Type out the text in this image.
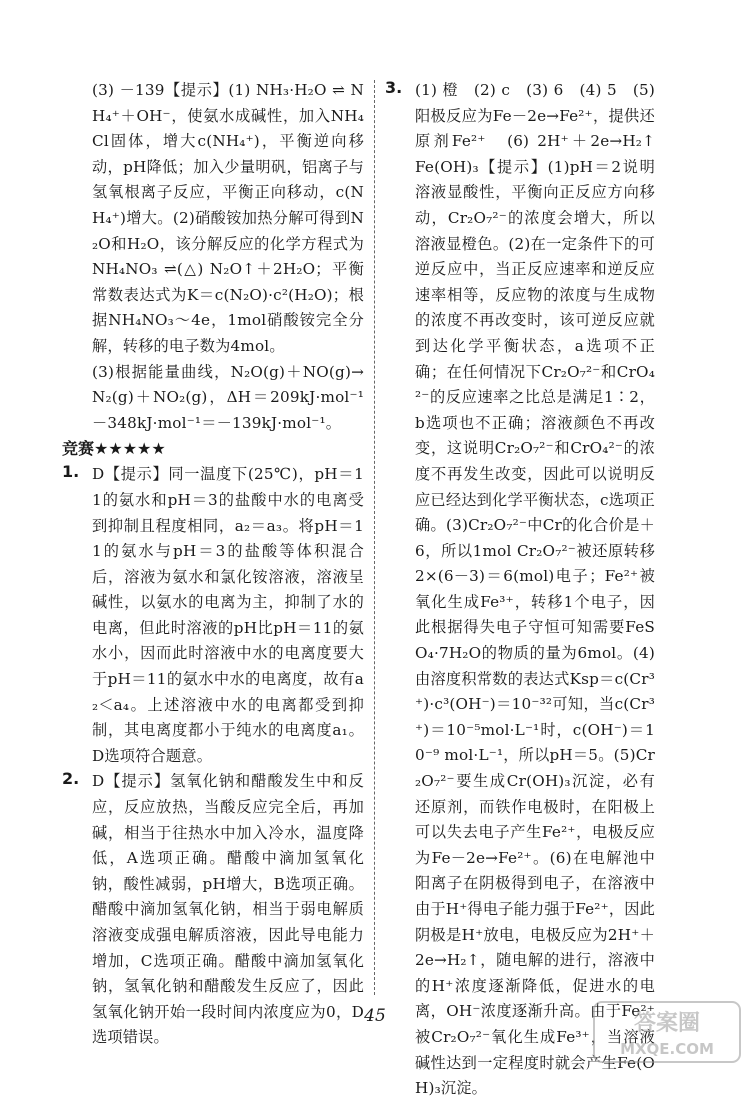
(3) －139【提示】(1) NH₃·H₂O ⇌ NH₄⁺＋OH⁻，使氨水成碱性，加入NH₄Cl固体，增大c(NH₄⁺)，平衡逆向移动，pH降低；加入少量明矾，铝离子与氢氧根离子反应，平衡正向移动，c(NH₄⁺)增大。(2)硝酸铵加热分解可得到N₂O和H₂O，该分解反应的化学方程式为NH₄NO₃ ⇌(△) N₂O↑＋2H₂O；平衡常数表达式为K＝c(N₂O)·c²(H₂O)；根据NH₄NO₃～4e，1mol硝酸铵完全分解，转移的电子数为4mol。

(3)根据能量曲线，N₂O(g)＋NO(g)→N₂(g)＋NO₂(g)，ΔH＝209kJ·mol⁻¹－348kJ·mol⁻¹＝－139kJ·mol⁻¹。

竞赛★★★★★

1. D【提示】同一温度下(25℃)，pH＝11的氨水和pH＝3的盐酸中水的电离受到抑制且程度相同，a₂＝a₃。将pH＝11的氨水与pH＝3的盐酸等体积混合后，溶液为氨水和氯化铵溶液，溶液呈碱性，以氨水的电离为主，抑制了水的电离，但此时溶液的pH比pH＝11的氨水小，因而此时溶液中水的电离度要大于pH＝11的氨水中水的电离度，故有a₂＜a₄。上述溶液中水的电离都受到抑制，其电离度都小于纯水的电离度a₁。D选项符合题意。

2. D【提示】氢氧化钠和醋酸发生中和反应，反应放热，当酸反应完全后，再加碱，相当于往热水中加入冷水，温度降低，A选项正确。醋酸中滴加氢氧化钠，酸性减弱，pH增大，B选项正确。醋酸中滴加氢氧化钠，相当于弱电解质溶液变成强电解质溶液，因此导电能力增加，C选项正确。醋酸中滴加氢氧化钠，氢氧化钠和醋酸发生反应了，因此氢氧化钠开始一段时间内浓度应为0，D选项错误。

3. (1) 橙　(2) c　(3) 6　(4) 5　(5) 阳极反应为Fe－2e→Fe²⁺，提供还原剂Fe²⁺　(6) 2H⁺＋2e→H₂↑　Fe(OH)₃【提示】(1)pH＝2说明溶液显酸性，平衡向正反应方向移动，Cr₂O₇²⁻的浓度会增大，所以溶液显橙色。(2)在一定条件下的可逆反应中，当正反应速率和逆反应速率相等，反应物的浓度与生成物的浓度不再改变时，该可逆反应就到达化学平衡状态，a选项不正确；在任何情况下Cr₂O₇²⁻和CrO₄²⁻的反应速率之比总是满足1∶2，b选项也不正确；溶液颜色不再改变，这说明Cr₂O₇²⁻和CrO₄²⁻的浓度不再发生改变，因此可以说明反应已经达到化学平衡状态，c选项正确。(3)Cr₂O₇²⁻中Cr的化合价是＋6，所以1mol Cr₂O₇²⁻被还原转移2×(6－3)＝6(mol)电子；Fe²⁺被氧化生成Fe³⁺，转移1个电子，因此根据得失电子守恒可知需要FeSO₄·7H₂O的物质的量为6mol。(4)由溶度积常数的表达式Ksp＝c(Cr³⁺)·c³(OH⁻)＝10⁻³²可知，当c(Cr³⁺)＝10⁻⁵mol·L⁻¹时，c(OH⁻)＝10⁻⁹ mol·L⁻¹，所以pH＝5。(5)Cr₂O₇²⁻要生成Cr(OH)₃沉淀，必有还原剂，而铁作电极时，在阳极上可以失去电子产生Fe²⁺，电极反应为Fe－2e→Fe²⁺。(6)在电解池中阳离子在阴极得到电子，在溶液中由于H⁺得电子能力强于Fe²⁺，因此阴极是H⁺放电，电极反应为2H⁺＋2e→H₂↑，随电解的进行，溶液中的H⁺浓度逐渐降低，促进水的电离，OH⁻浓度逐渐升高。由于Fe²⁺被Cr₂O₇²⁻氧化生成Fe³⁺，当溶液碱性达到一定程度时就会产生Fe(OH)₃沉淀。

45	答案圈
MXQE.COM
